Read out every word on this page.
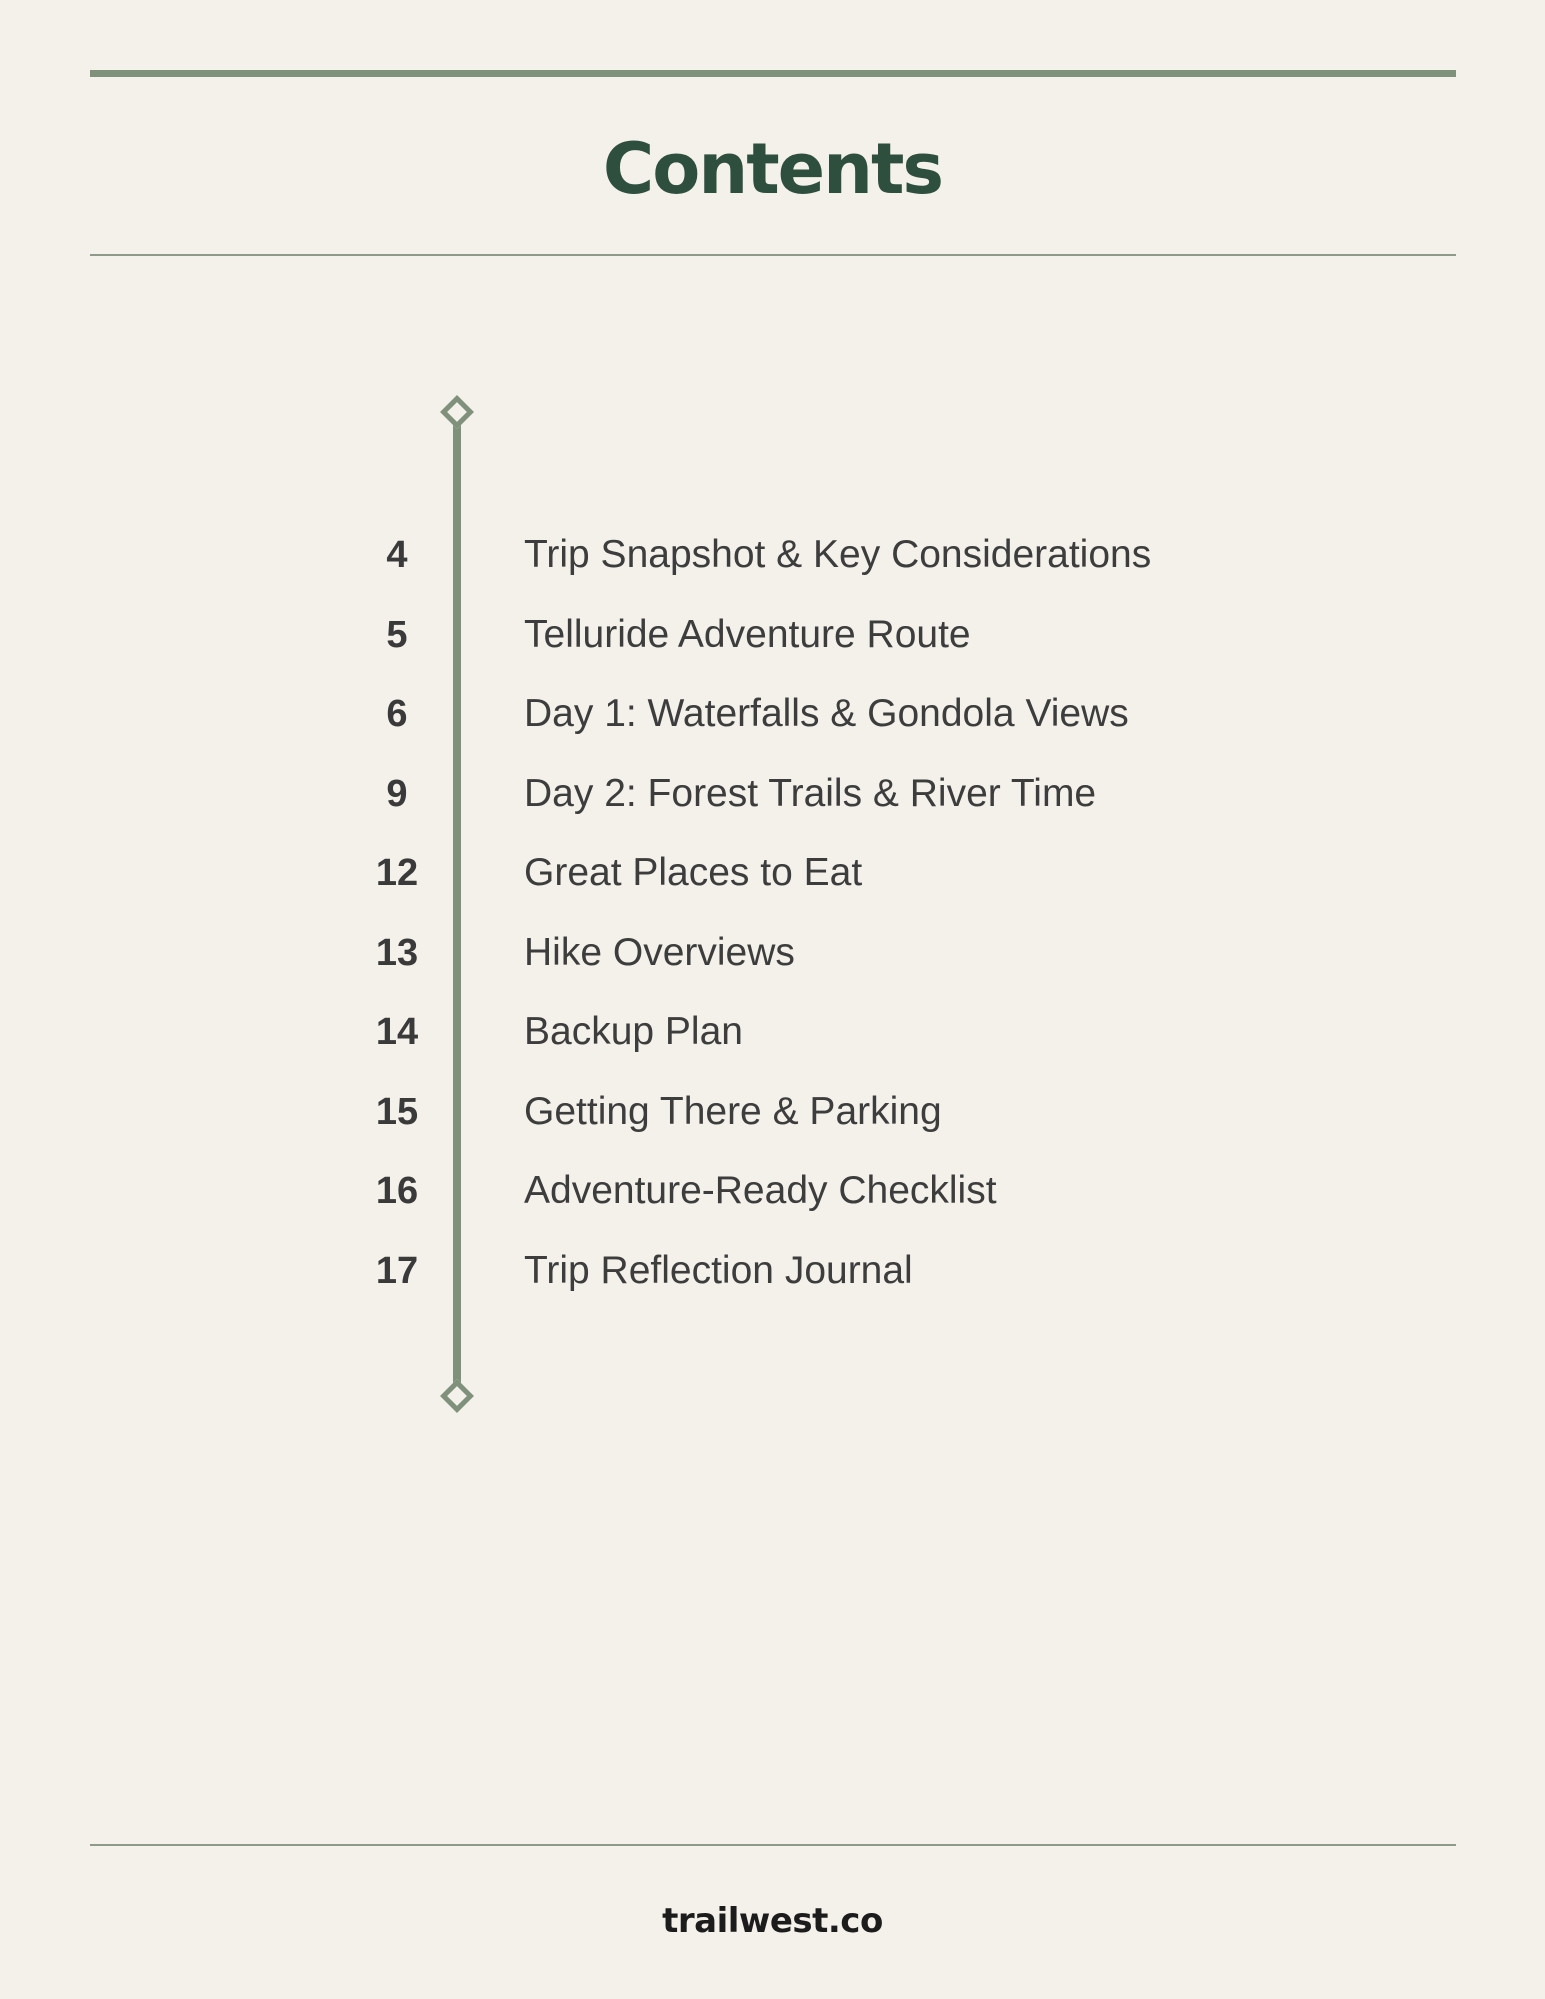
Contents
4	Trip Snapshot & Key Considerations
5	Telluride Adventure Route
6	Day 1: Waterfalls & Gondola Views
9	Day 2: Forest Trails & River Time
12	Great Places to Eat
13	Hike Overviews
14	Backup Plan
15	Getting There & Parking
16	Adventure-Ready Checklist
17	Trip Reflection Journal
trailwest.co
